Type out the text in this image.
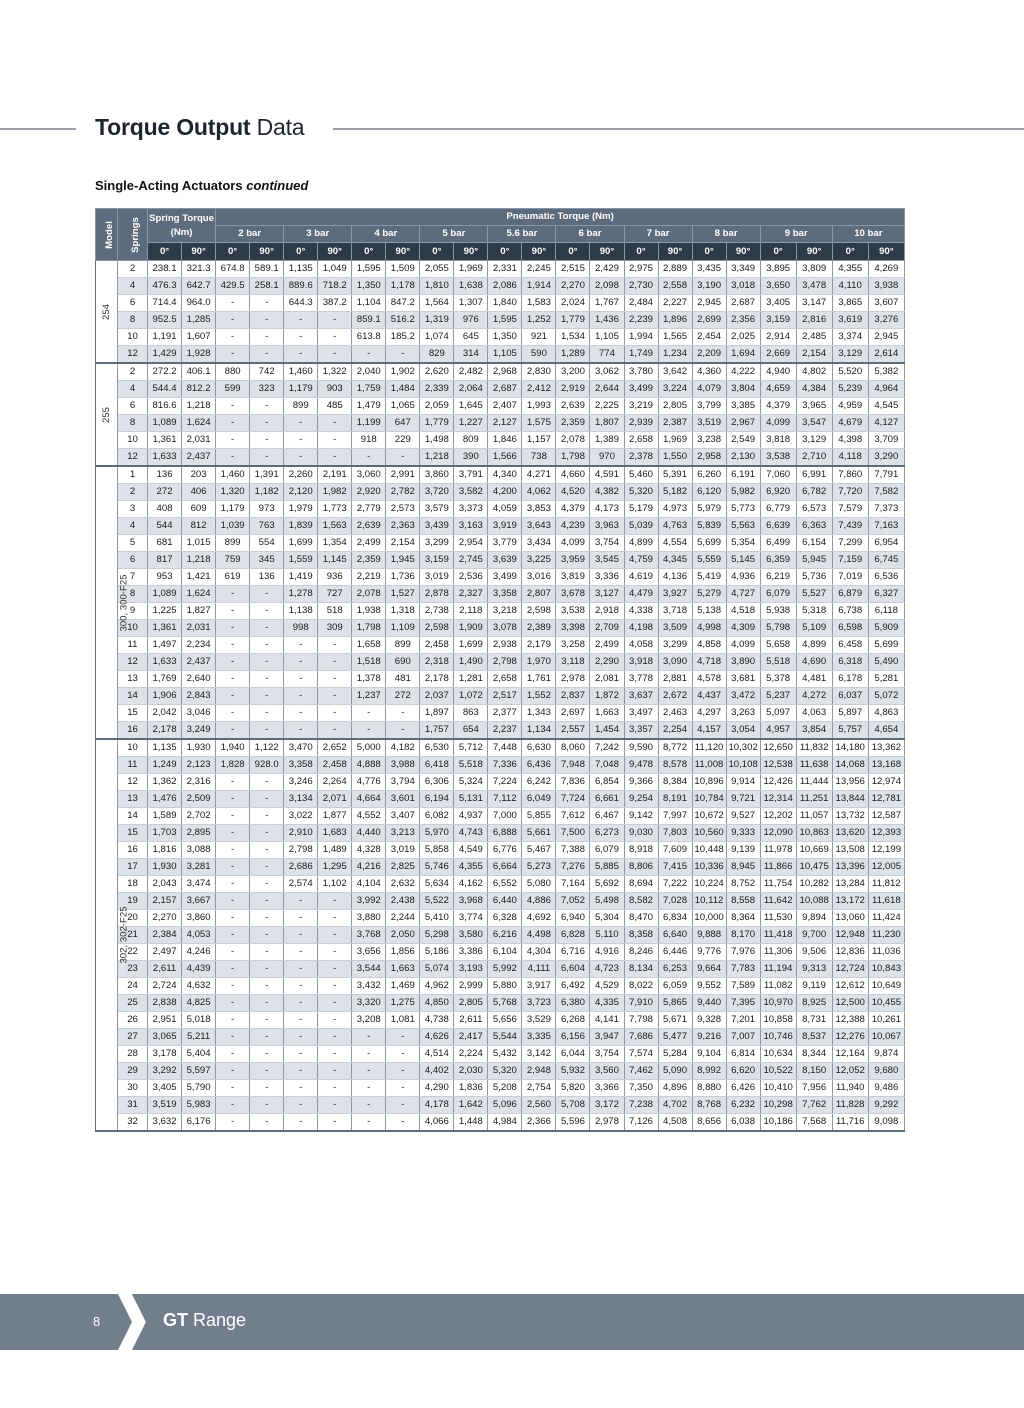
Torque Output Data
Single-Acting Actuators continued
Model	Springs	Spring Torque (Nm)		Pneumatic Torque (Nm)																			
				2 bar		3 bar		4 bar		5 bar		5.6 bar		6 bar		7 bar		8 bar		9 bar		10 bar	
		0°	90°	0°	90°	0°	90°	0°	90°	0°	90°	0°	90°	0°	90°	0°	90°	0°	90°	0°	90°	0°	90°
254	2	238.1	321.3	674.8	589.1	1,135	1,049	1,595	1,509	2,055	1,969	2,331	2,245	2,515	2,429	2,975	2,889	3,435	3,349	3,895	3,809	4,355	4,269
	4	476.3	642.7	429.5	258.1	889.6	718.2	1,350	1,178	1,810	1,638	2,086	1,914	2,270	2,098	2,730	2,558	3,190	3,018	3,650	3,478	4,110	3,938
	6	714.4	964.0	-	-	644.3	387.2	1,104	847.2	1,564	1,307	1,840	1,583	2,024	1,767	2,484	2,227	2,945	2,687	3,405	3,147	3,865	3,607
	8	952.5	1,285	-	-	-	-	859.1	516.2	1,319	976	1,595	1,252	1,779	1,436	2,239	1,896	2,699	2,356	3,159	2,816	3,619	3,276
	10	1,191	1,607	-	-	-	-	613.8	185.2	1,074	645	1,350	921	1,534	1,105	1,994	1,565	2,454	2,025	2,914	2,485	3,374	2,945
	12	1,429	1,928	-	-	-	-	-	-	829	314	1,105	590	1,289	774	1,749	1,234	2,209	1,694	2,669	2,154	3,129	2,614
255	2	272.2	406.1	880	742	1,460	1,322	2,040	1,902	2,620	2,482	2,968	2,830	3,200	3,062	3,780	3,642	4,360	4,222	4,940	4,802	5,520	5,382
	4	544.4	812.2	599	323	1,179	903	1,759	1,484	2,339	2,064	2,687	2,412	2,919	2,644	3,499	3,224	4,079	3,804	4,659	4,384	5,239	4,964
	6	816.6	1,218	-	-	899	485	1,479	1,065	2,059	1,645	2,407	1,993	2,639	2,225	3,219	2,805	3,799	3,385	4,379	3,965	4,959	4,545
	8	1,089	1,624	-	-	-	-	1,199	647	1,779	1,227	2,127	1,575	2,359	1,807	2,939	2,387	3,519	2,967	4,099	3,547	4,679	4,127
	10	1,361	2,031	-	-	-	-	918	229	1,498	809	1,846	1,157	2,078	1,389	2,658	1,969	3,238	2,549	3,818	3,129	4,398	3,709
	12	1,633	2,437	-	-	-	-	-	-	1,218	390	1,566	738	1,798	970	2,378	1,550	2,958	2,130	3,538	2,710	4,118	3,290
300, 300-F25	1	136	203	1,460	1,391	2,260	2,191	3,060	2,991	3,860	3,791	4,340	4,271	4,660	4,591	5,460	5,391	6,260	6,191	7,060	6,991	7,860	7,791
	2	272	406	1,320	1,182	2,120	1,982	2,920	2,782	3,720	3,582	4,200	4,062	4,520	4,382	5,320	5,182	6,120	5,982	6,920	6,782	7,720	7,582
	3	408	609	1,179	973	1,979	1,773	2,779	2,573	3,579	3,373	4,059	3,853	4,379	4,173	5,179	4,973	5,979	5,773	6,779	6,573	7,579	7,373
	4	544	812	1,039	763	1,839	1,563	2,639	2,363	3,439	3,163	3,919	3,643	4,239	3,963	5,039	4,763	5,839	5,563	6,639	6,363	7,439	7,163
	5	681	1,015	899	554	1,699	1,354	2,499	2,154	3,299	2,954	3,779	3,434	4,099	3,754	4,899	4,554	5,699	5,354	6,499	6,154	7,299	6,954
	6	817	1,218	759	345	1,559	1,145	2,359	1,945	3,159	2,745	3,639	3,225	3,959	3,545	4,759	4,345	5,559	5,145	6,359	5,945	7,159	6,745
	7	953	1,421	619	136	1,419	936	2,219	1,736	3,019	2,536	3,499	3,016	3,819	3,336	4,619	4,136	5,419	4,936	6,219	5,736	7,019	6,536
	8	1,089	1,624	-	-	1,278	727	2,078	1,527	2,878	2,327	3,358	2,807	3,678	3,127	4,479	3,927	5,279	4,727	6,079	5,527	6,879	6,327
	9	1,225	1,827	-	-	1,138	518	1,938	1,318	2,738	2,118	3,218	2,598	3,538	2,918	4,338	3,718	5,138	4,518	5,938	5,318	6,738	6,118
	10	1,361	2,031	-	-	998	309	1,798	1,109	2,598	1,909	3,078	2,389	3,398	2,709	4,198	3,509	4,998	4,309	5,798	5,109	6,598	5,909
	11	1,497	2,234	-	-	-	-	1,658	899	2,458	1,699	2,938	2,179	3,258	2,499	4,058	3,299	4,858	4,099	5,658	4,899	6,458	5,699
	12	1,633	2,437	-	-	-	-	1,518	690	2,318	1,490	2,798	1,970	3,118	2,290	3,918	3,090	4,718	3,890	5,518	4,690	6,318	5,490
	13	1,769	2,640	-	-	-	-	1,378	481	2,178	1,281	2,658	1,761	2,978	2,081	3,778	2,881	4,578	3,681	5,378	4,481	6,178	5,281
	14	1,906	2,843	-	-	-	-	1,237	272	2,037	1,072	2,517	1,552	2,837	1,872	3,637	2,672	4,437	3,472	5,237	4,272	6,037	5,072
	15	2,042	3,046	-	-	-	-	-	-	1,897	863	2,377	1,343	2,697	1,663	3,497	2,463	4,297	3,263	5,097	4,063	5,897	4,863
	16	2,178	3,249	-	-	-	-	-	-	1,757	654	2,237	1,134	2,557	1,454	3,357	2,254	4,157	3,054	4,957	3,854	5,757	4,654
302, 302-F25	10	1,135	1,930	1,940	1,122	3,470	2,652	5,000	4,182	6,530	5,712	7,448	6,630	8,060	7,242	9,590	8,772	11,120	10,302	12,650	11,832	14,180	13,362
	11	1,249	2,123	1,828	928.0	3,358	2,458	4,888	3,988	6,418	5,518	7,336	6,436	7,948	7,048	9,478	8,578	11,008	10,108	12,538	11,638	14,068	13,168
	12	1,362	2,316	-	-	3,246	2,264	4,776	3,794	6,306	5,324	7,224	6,242	7,836	6,854	9,366	8,384	10,896	9,914	12,426	11,444	13,956	12,974
	13	1,476	2,509	-	-	3,134	2,071	4,664	3,601	6,194	5,131	7,112	6,049	7,724	6,661	9,254	8,191	10,784	9,721	12,314	11,251	13,844	12,781
	14	1,589	2,702	-	-	3,022	1,877	4,552	3,407	6,082	4,937	7,000	5,855	7,612	6,467	9,142	7,997	10,672	9,527	12,202	11,057	13,732	12,587
	15	1,703	2,895	-	-	2,910	1,683	4,440	3,213	5,970	4,743	6,888	5,661	7,500	6,273	9,030	7,803	10,560	9,333	12,090	10,863	13,620	12,393
	16	1,816	3,088	-	-	2,798	1,489	4,328	3,019	5,858	4,549	6,776	5,467	7,388	6,079	8,918	7,609	10,448	9,139	11,978	10,669	13,508	12,199
	17	1,930	3,281	-	-	2,686	1,295	4,216	2,825	5,746	4,355	6,664	5,273	7,276	5,885	8,806	7,415	10,336	8,945	11,866	10,475	13,396	12,005
	18	2,043	3,474	-	-	2,574	1,102	4,104	2,632	5,634	4,162	6,552	5,080	7,164	5,692	8,694	7,222	10,224	8,752	11,754	10,282	13,284	11,812
	19	2,157	3,667	-	-	-	-	3,992	2,438	5,522	3,968	6,440	4,886	7,052	5,498	8,582	7,028	10,112	8,558	11,642	10,088	13,172	11,618
	20	2,270	3,860	-	-	-	-	3,880	2,244	5,410	3,774	6,328	4,692	6,940	5,304	8,470	6,834	10,000	8,364	11,530	9,894	13,060	11,424
	21	2,384	4,053	-	-	-	-	3,768	2,050	5,298	3,580	6,216	4,498	6,828	5,110	8,358	6,640	9,888	8,170	11,418	9,700	12,948	11,230
	22	2,497	4,246	-	-	-	-	3,656	1,856	5,186	3,386	6,104	4,304	6,716	4,916	8,246	6,446	9,776	7,976	11,306	9,506	12,836	11,036
	23	2,611	4,439	-	-	-	-	3,544	1,663	5,074	3,193	5,992	4,111	6,604	4,723	8,134	6,253	9,664	7,783	11,194	9,313	12,724	10,843
	24	2,724	4,632	-	-	-	-	3,432	1,469	4,962	2,999	5,880	3,917	6,492	4,529	8,022	6,059	9,552	7,589	11,082	9,119	12,612	10,649
	25	2,838	4,825	-	-	-	-	3,320	1,275	4,850	2,805	5,768	3,723	6,380	4,335	7,910	5,865	9,440	7,395	10,970	8,925	12,500	10,455
	26	2,951	5,018	-	-	-	-	3,208	1,081	4,738	2,611	5,656	3,529	6,268	4,141	7,798	5,671	9,328	7,201	10,858	8,731	12,388	10,261
	27	3,065	5,211	-	-	-	-	-	-	4,626	2,417	5,544	3,335	6,156	3,947	7,686	5,477	9,216	7,007	10,746	8,537	12,276	10,067
	28	3,178	5,404	-	-	-	-	-	-	4,514	2,224	5,432	3,142	6,044	3,754	7,574	5,284	9,104	6,814	10,634	8,344	12,164	9,874
	29	3,292	5,597	-	-	-	-	-	-	4,402	2,030	5,320	2,948	5,932	3,560	7,462	5,090	8,992	6,620	10,522	8,150	12,052	9,680
	30	3,405	5,790	-	-	-	-	-	-	4,290	1,836	5,208	2,754	5,820	3,366	7,350	4,896	8,880	6,426	10,410	7,956	11,940	9,486
	31	3,519	5,983	-	-	-	-	-	-	4,178	1,642	5,096	2,560	5,708	3,172	7,238	4,702	8,768	6,232	10,298	7,762	11,828	9,292
	32	3,632	6,176	-	-	-	-	-	-	4,066	1,448	4,984	2,366	5,596	2,978	7,126	4,508	8,656	6,038	10,186	7,568	11,716	9,098
8	GT Range
